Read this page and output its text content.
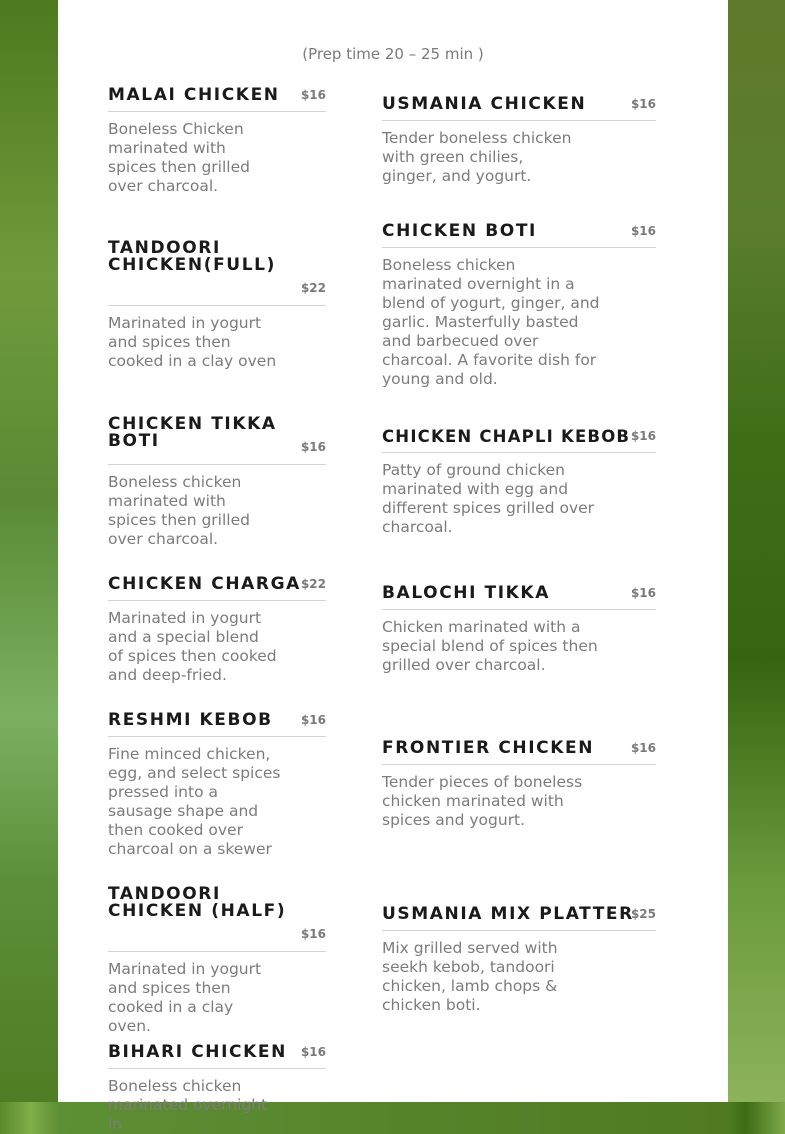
(Prep time 20 – 25 min )
MALAI CHICKEN	$16
Boneless Chicken marinated with spices then grilled over charcoal.
TANDOORI CHICKEN(FULL)
$22
Marinated in yogurt and spices then cooked in a clay oven
CHICKEN TIKKA BOTI	$16
Boneless chicken marinated with spices then grilled over charcoal.
CHICKEN CHARGA $22
Marinated in yogurt and a special blend of spices then cooked and deep-fried.
RESHMI KEBOB	$16
Fine minced chicken, egg, and select spices pressed into a sausage shape and then cooked over charcoal on a skewer
TANDOORI CHICKEN (HALF)
$16
Marinated in yogurt and spices then cooked in a clay oven.
BIHARI CHICKEN	$16
Boneless chicken marinated overnight in
USMANIA CHICKEN	$16
Tender boneless chicken with green chilies, ginger, and yogurt.
CHICKEN BOTI	$16
Boneless chicken marinated overnight in a blend of yogurt, ginger, and garlic. Masterfully basted and barbecued over charcoal. A favorite dish for young and old.
CHICKEN CHAPLI KEBOB $16
Patty of ground chicken marinated with egg and different spices grilled over charcoal.
BALOCHI TIKKA	$16
Chicken marinated with a special blend of spices then grilled over charcoal.
FRONTIER CHICKEN	$16
Tender pieces of boneless chicken marinated with spices and yogurt.
USMANIA MIX PLATTER
$25
Mix grilled served with seekh kebob, tandoori chicken, lamb chops & chicken boti.
